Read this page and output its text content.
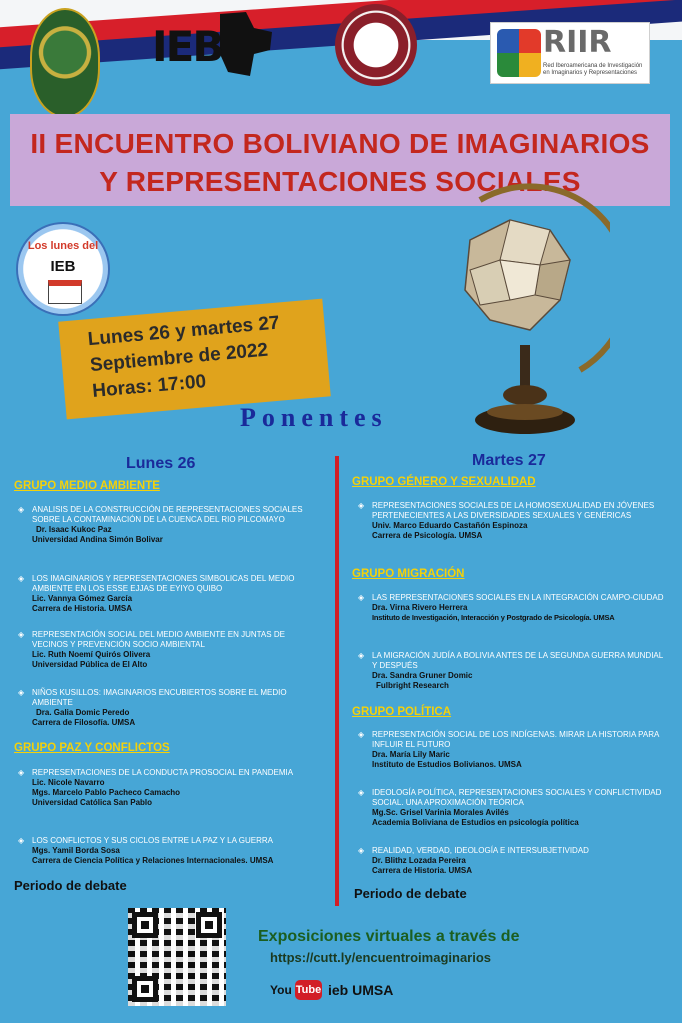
IEB	RIIR
Red Iberoamericana de Investigación en Imaginarios y Representaciones
II ENCUENTRO BOLIVIANO DE IMAGINARIOS
Y REPRESENTACIONES SOCIALES
Los lunes del
IEB
Lunes 26 y martes 27
Septiembre de 2022
Horas: 17:00
Ponentes
Lunes 26	Martes 27
GRUPO MEDIO AMBIENTE
◈ ANALISIS DE LA CONSTRUCCIÓN DE REPRESENTACIONES SOCIALES SOBRE LA CONTAMINACIÓN DE LA CUENCA DEL RIO PILCOMAYO
Dr. Isaac Kukoc Paz
Universidad Andina Simón Bolivar
◈ LOS IMAGINARIOS Y REPRESENTACIONES SIMBOLICAS DEL MEDIO AMBIENTE EN LOS ESSE EJJAS DE EYIYO QUIBO
Lic. Vannya Gómez García
Carrera de Historia. UMSA
◈ REPRESENTACIÓN SOCIAL DEL MEDIO AMBIENTE EN JUNTAS DE VECINOS Y PREVENCIÓN SOCIO AMBIENTAL
Lic. Ruth Noemí Quirós Olivera
Universidad Pública de El Alto
◈ NIÑOS KUSILLOS: IMAGINARIOS ENCUBIERTOS SOBRE EL MEDIO AMBIENTE
Dra. Galia Domic Peredo
Carrera de Filosofía. UMSA
GRUPO PAZ Y CONFLICTOS
◈ REPRESENTACIONES DE LA CONDUCTA PROSOCIAL EN PANDEMIA
Lic. Nicole Navarro
Mgs. Marcelo Pablo Pacheco Camacho
Universidad Católica San Pablo
◈ LOS CONFLICTOS Y SUS CICLOS ENTRE LA PAZ Y LA GUERRA
Mgs. Yamil Borda Sosa
Carrera de Ciencia Política y Relaciones Internacionales. UMSA
Periodo de debate
GRUPO GÉNERO Y SEXUALIDAD
◈ REPRESENTACIONES SOCIALES DE LA HOMOSEXUALIDAD EN JÓVENES PERTENECIENTES A LAS DIVERSIDADES SEXUALES Y GENÉRICAS
Univ. Marco Eduardo Castañón Espinoza
Carrera de Psicología. UMSA
GRUPO MIGRACIÓN
◈ LAS REPRESENTACIONES SOCIALES EN LA INTEGRACIÓN CAMPO-CIUDAD
Dra. Virna Rivero Herrera
Instituto de Investigación, Interacción y Postgrado de Psicología. UMSA
◈ LA MIGRACIÓN JUDÍA A BOLIVIA ANTES DE LA SEGUNDA GUERRA MUNDIAL Y DESPUÉS
Dra. Sandra Gruner Domic
Fulbright Research
GRUPO POLÍTICA
◈ REPRESENTACIÓN SOCIAL DE LOS INDÍGENAS. MIRAR LA HISTORIA PARA INFLUIR EL FUTURO
Dra. María Lily Maric
Instituto de Estudios Bolivianos. UMSA
◈ IDEOLOGÍA POLÍTICA, REPRESENTACIONES SOCIALES Y CONFLICTIVIDAD SOCIAL. UNA APROXIMACIÓN TEÓRICA
Mg.Sc. Grisel Varinia Morales Avilés
Academia Boliviana de Estudios en psicología política
◈ REALIDAD, VERDAD, IDEOLOGÍA E INTERSUBJETIVIDAD
Dr. Blithz Lozada Pereira
Carrera de Historia. UMSA
Periodo de debate
Exposiciones virtuales a través de
https://cutt.ly/encuentroimaginarios
You Tube ieb UMSA
